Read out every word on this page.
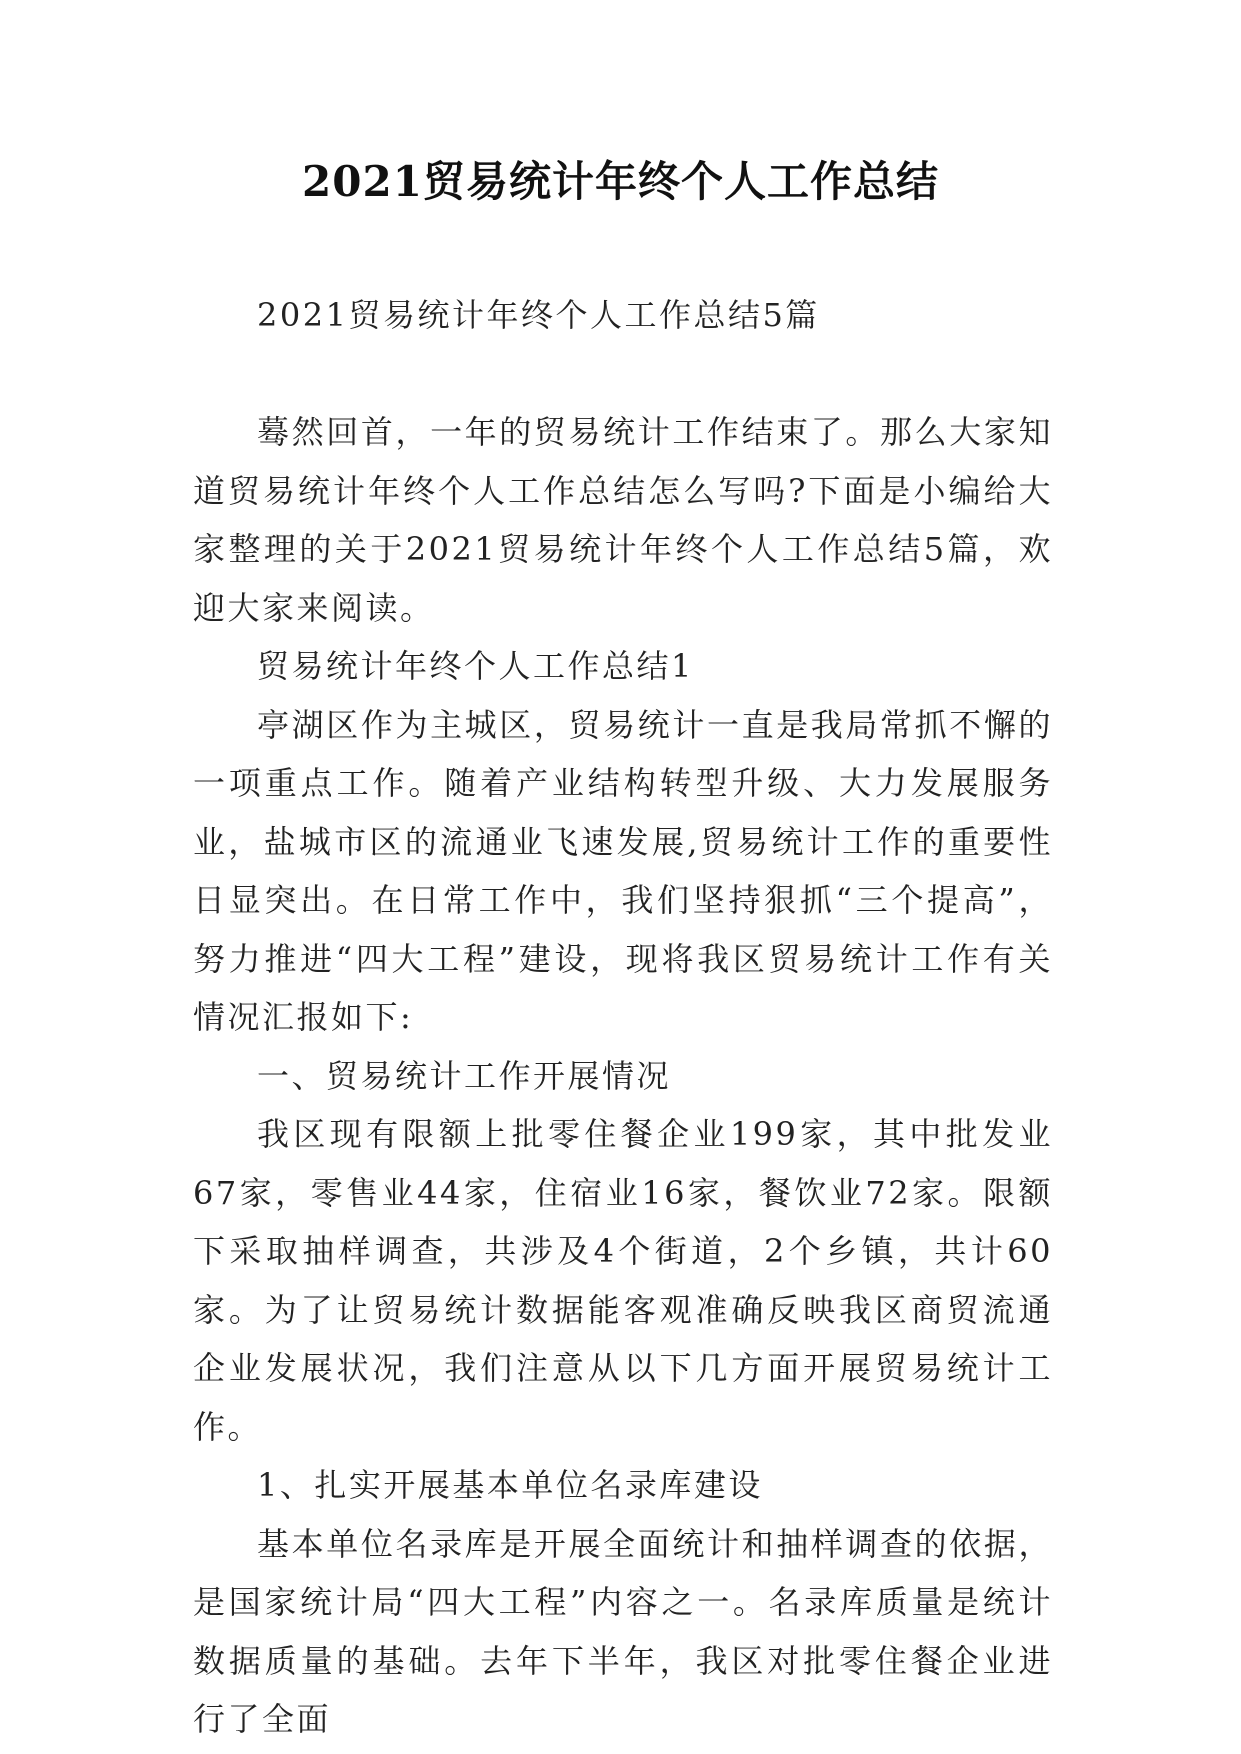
2021贸易统计年终个人工作总结

2021贸易统计年终个人工作总结5篇

蓦然回首，一年的贸易统计工作结束了。那么大家知道贸易统计年终个人工作总结怎么写吗?下面是小编给大家整理的关于2021贸易统计年终个人工作总结5篇，欢迎大家来阅读。

贸易统计年终个人工作总结1

亭湖区作为主城区，贸易统计一直是我局常抓不懈的一项重点工作。随着产业结构转型升级、大力发展服务业，盐城市区的流通业飞速发展,贸易统计工作的重要性日显突出。在日常工作中，我们坚持狠抓“三个提高”，努力推进“四大工程”建设，现将我区贸易统计工作有关情况汇报如下:

一、贸易统计工作开展情况

我区现有限额上批零住餐企业199家，其中批发业67家，零售业44家，住宿业16家，餐饮业72家。限额下采取抽样调查，共涉及4个街道，2个乡镇，共计60家。为了让贸易统计数据能客观准确反映我区商贸流通企业发展状况，我们注意从以下几方面开展贸易统计工作。

1、扎实开展基本单位名录库建设

基本单位名录库是开展全面统计和抽样调查的依据，是国家统计局“四大工程”内容之一。名录库质量是统计数据质量的基础。去年下半年，我区对批零住餐企业进行了全面
